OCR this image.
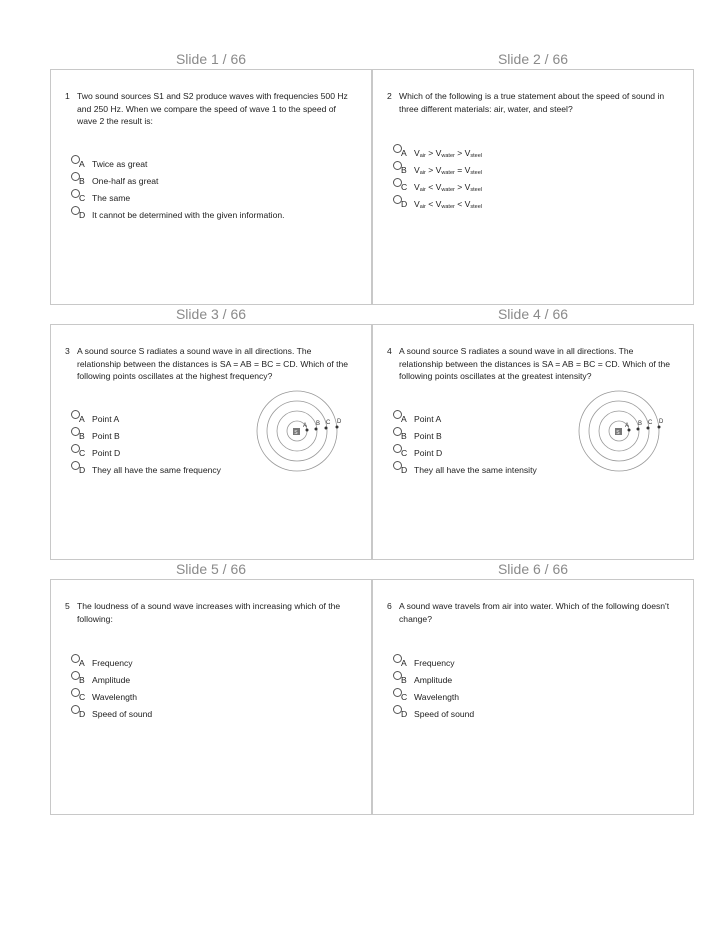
Slide 1 / 66
1 Two sound sources S1 and S2 produce waves with frequencies 500 Hz and 250 Hz. When we compare the speed of wave 1 to the speed of wave 2 the result is:
A Twice as great
B One-half as great
C The same
D It cannot be determined with the given information.
Slide 2 / 66
2 Which of the following is a true statement about the speed of sound in three different materials: air, water, and steel?
A $V_{air} > V_{water} > V_{steel}$
B $V_{air} > V_{water} = V_{steel}$
C $V_{air} < V_{water} > V_{steel}$
D $V_{air} < V_{water} < V_{steel}$
Slide 3 / 66
3 A sound source S radiates a sound wave in all directions. The relationship between the distances is SA = AB = BC = CD. Which of the following points oscillates at the highest frequency?
A Point A
B Point B
C Point D
D They all have the same frequency
S
A B C D
Slide 4 / 66
4 A sound source S radiates a sound wave in all directions. The relationship between the distances is SA = AB = BC = CD. Which of the following points oscillates at the greatest intensity?
A Point A
B Point B
C Point D
D They all have the same intensity
S
A B C D
Slide 5 / 66
5 The loudness of a sound wave increases with increasing which of the following:
A Frequency
B Amplitude
C Wavelength
D Speed of sound
Slide 6 / 66
6 A sound wave travels from air into water. Which of the following doesn't change?
A Frequency
B Amplitude
C Wavelength
D Speed of sound
